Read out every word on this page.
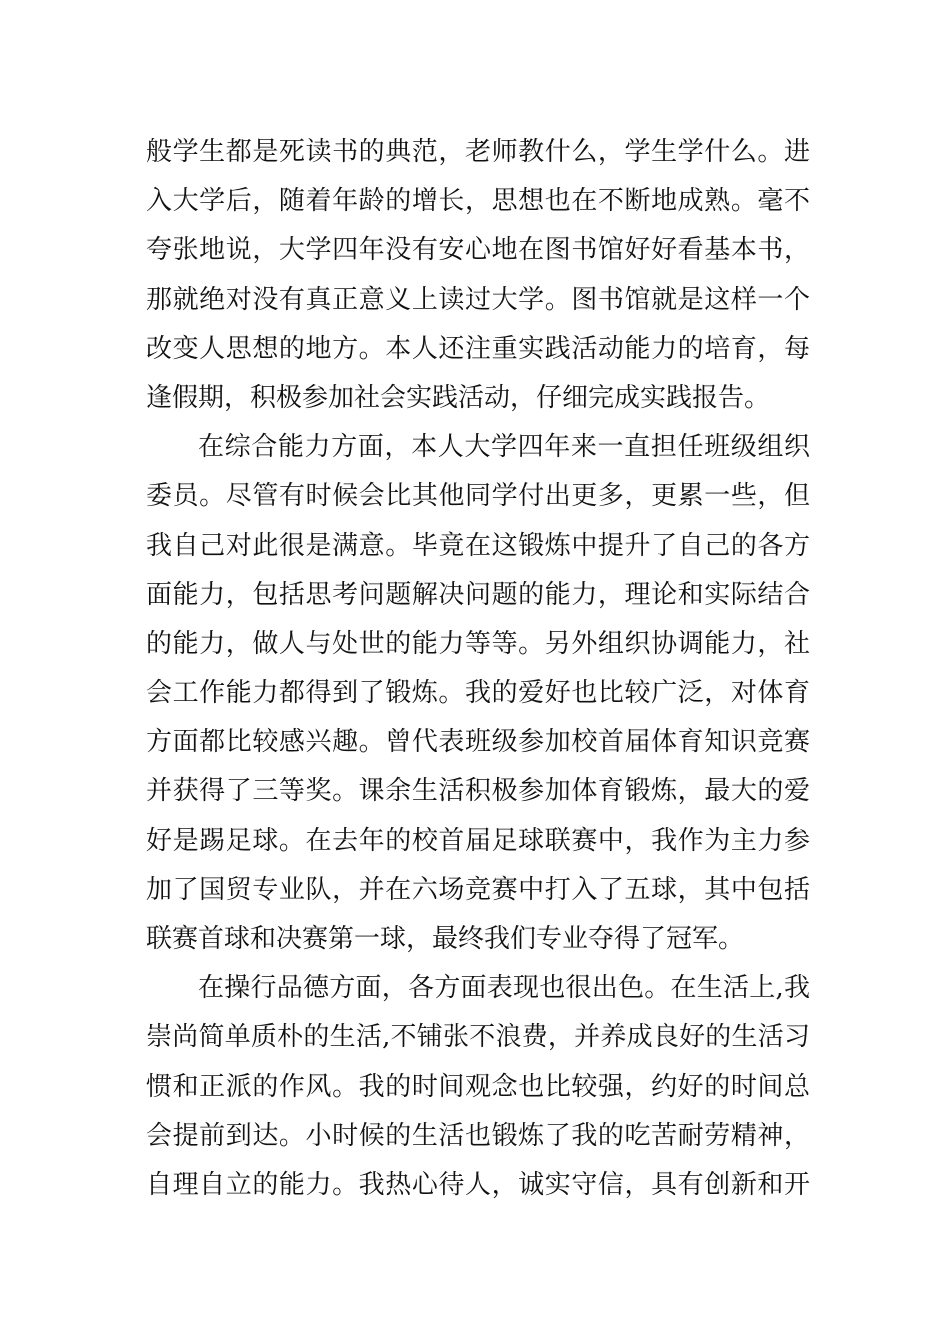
般学生都是死读书的典范，老师教什么，学生学什么。进
入大学后，随着年龄的增长，思想也在不断地成熟。毫不
夸张地说，大学四年没有安心地在图书馆好好看基本书，
那就绝对没有真正意义上读过大学。图书馆就是这样一个
改变人思想的地方。本人还注重实践活动能力的培育，每
逢假期，积极参加社会实践活动，仔细完成实践报告。
在综合能力方面，本人大学四年来一直担任班级组织
委员。尽管有时候会比其他同学付出更多，更累一些，但
我自己对此很是满意。毕竟在这锻炼中提升了自己的各方
面能力，包括思考问题解决问题的能力，理论和实际结合
的能力，做人与处世的能力等等。另外组织协调能力，社
会工作能力都得到了锻炼。我的爱好也比较广泛，对体育
方面都比较感兴趣。曾代表班级参加校首届体育知识竞赛
并获得了三等奖。课余生活积极参加体育锻炼，最大的爱
好是踢足球。在去年的校首届足球联赛中，我作为主力参
加了国贸专业队，并在六场竞赛中打入了五球，其中包括
联赛首球和决赛第一球，最终我们专业夺得了冠军。
在操行品德方面，各方面表现也很出色。在生活上,我
崇尚简单质朴的生活,不铺张不浪费，并养成良好的生活习
惯和正派的作风。我的时间观念也比较强，约好的时间总
会提前到达。小时候的生活也锻炼了我的吃苦耐劳精神，
自理自立的能力。我热心待人，诚实守信，具有创新和开
